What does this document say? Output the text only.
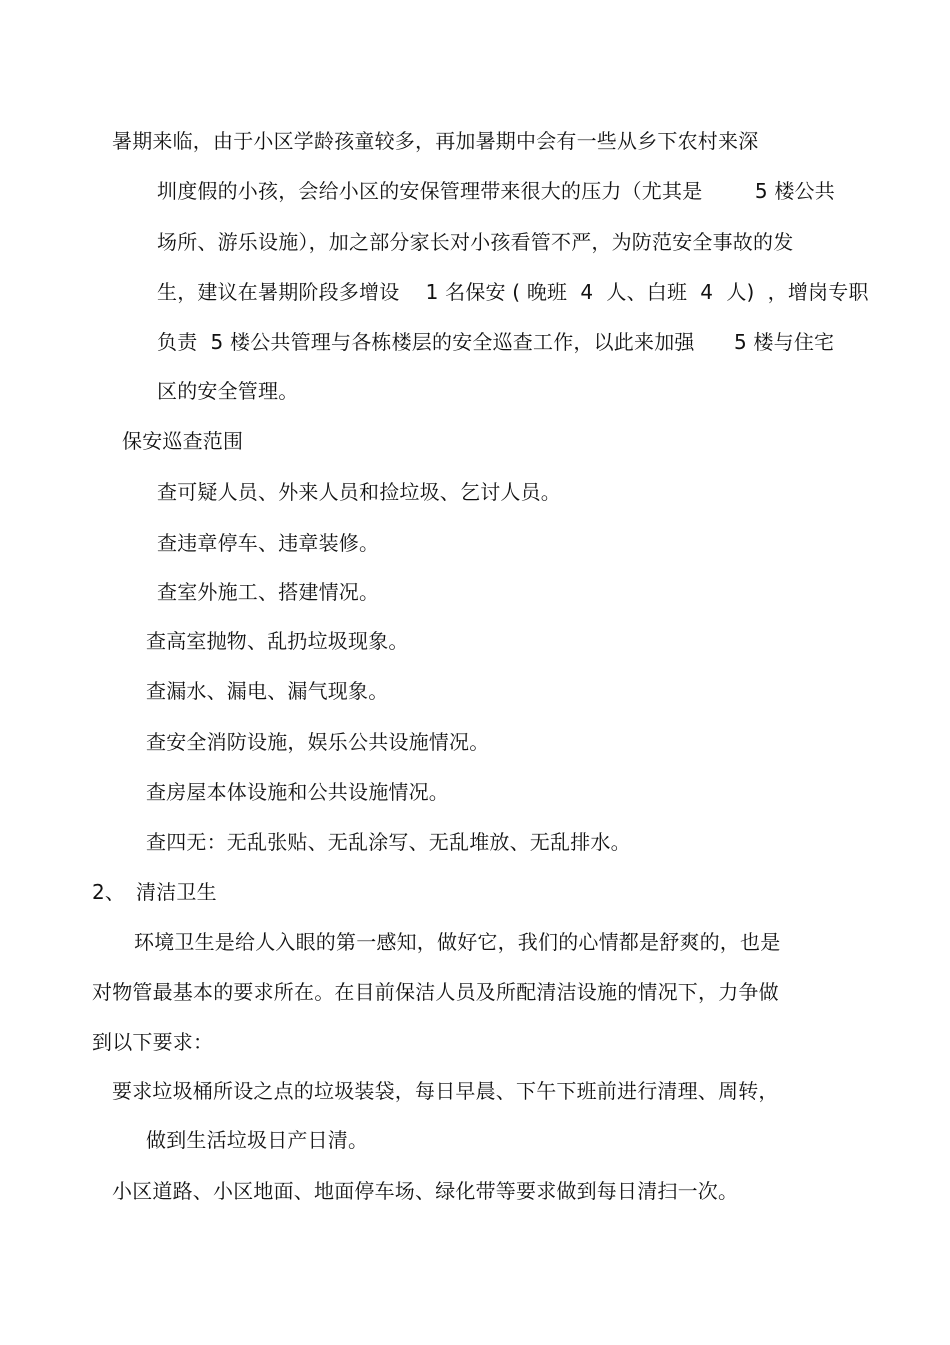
暑期来临，由于小区学龄孩童较多，再加暑期中会有一些从乡下农村来深
圳度假的小孩，会给小区的安保管理带来很大的压力（尤其是        5 楼公共
场所、游乐设施），加之部分家长对小孩看管不严，为防范安全事故的发
生，建议在暑期阶段多增设    1 名保安 ( 晚班  4  人、白班  4  人)  ，增岗专职
负责  5 楼公共管理与各栋楼层的安全巡查工作，以此来加强      5 楼与住宅
区的安全管理。
保安巡查范围
查可疑人员、外来人员和捡垃圾、乞讨人员。
查违章停车、违章装修。
查室外施工、搭建情况。
查高室抛物、乱扔垃圾现象。
查漏水、漏电、漏气现象。
查安全消防设施，娱乐公共设施情况。
查房屋本体设施和公共设施情况。
查四无：无乱张贴、无乱涂写、无乱堆放、无乱排水。
2、 清洁卫生
环境卫生是给人入眼的第一感知，做好它，我们的心情都是舒爽的，也是
对物管最基本的要求所在。在目前保洁人员及所配清洁设施的情况下，力争做
到以下要求：
要求垃圾桶所设之点的垃圾装袋，每日早晨、下午下班前进行清理、周转，
做到生活垃圾日产日清。
小区道路、小区地面、地面停车场、绿化带等要求做到每日清扫一次。
